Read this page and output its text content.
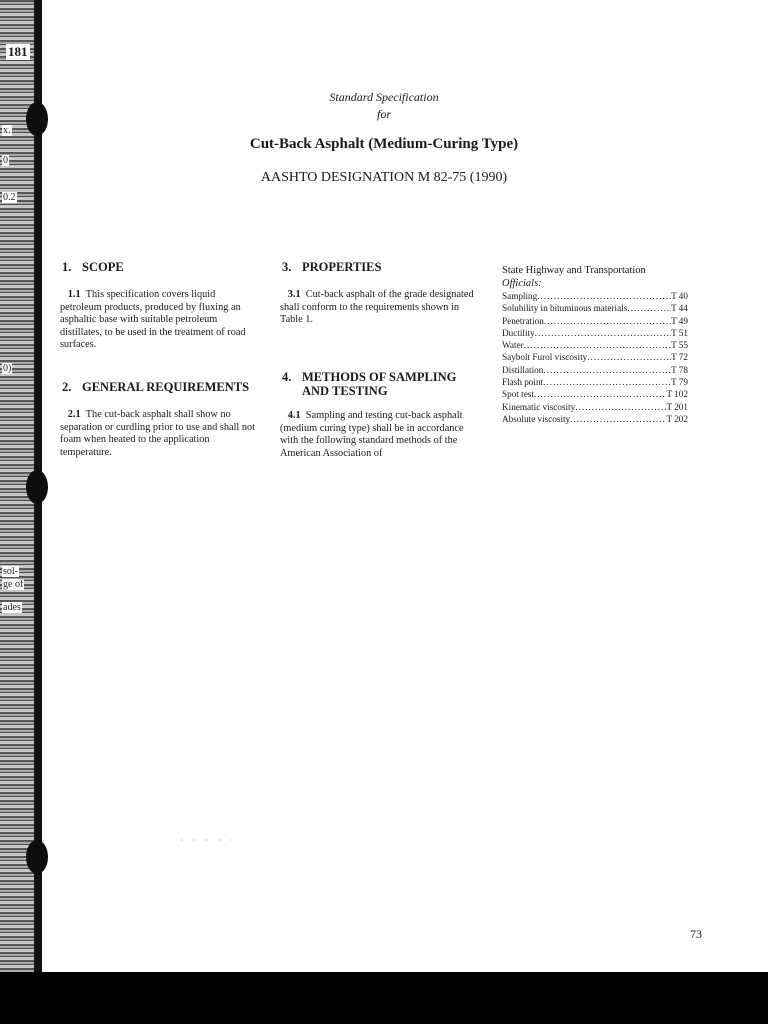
181
x.
0
0.2
0)
sol-
ge of
ades
Standard Specification
for
Cut-Back Asphalt (Medium-Curing Type)
AASHTO DESIGNATION M 82-75 (1990)
1. SCOPE

1.1 This specification covers liquid petroleum products, produced by fluxing an asphaltic base with suitable petroleum distillates, to be used in the treatment of road surfaces.

2. GENERAL REQUIREMENTS

2.1 The cut-back asphalt shall show no separation or curdling prior to use and shall not foam when heated to the application temperature.

3. PROPERTIES

3.1 Cut-back asphalt of the grade designated shall conform to the requirements shown in Table 1.

4. METHODS OF SAMPLING
AND TESTING

4.1 Sampling and testing cut-back asphalt (medium curing type) shall be in accordance with the following standard methods of the American Association of

State Highway and Transportation
Officials:
Sampling .....	T 40
Solubility in bituminous materials .....	T 44
Penetration .....	T 49
Ductility .....	T 51
Water .....	T 55
Saybolt Furol viscosity .....	T 72
Distillation .....	T 78
Flash point .....	T 79
Spot test .....	T 102
Kinematic viscosity .....	T 201
Absolute viscosity .....	T 202
· · · · ·
73
